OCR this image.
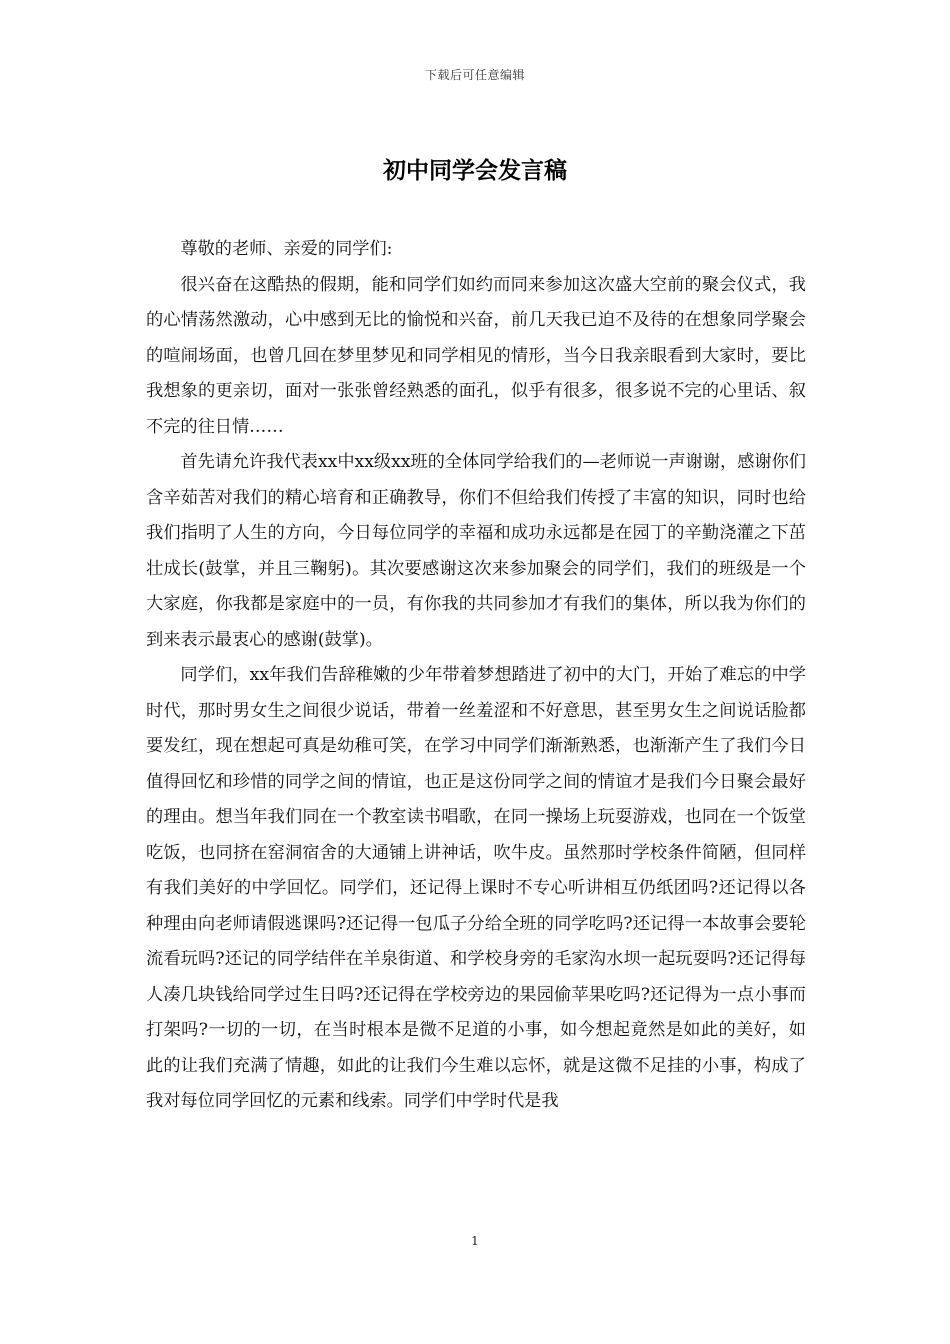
下载后可任意编辑
初中同学会发言稿

尊敬的老师、亲爱的同学们:

很兴奋在这酷热的假期，能和同学们如约而同来参加这次盛大空前的聚会仪式，我的心情荡然激动，心中感到无比的愉悦和兴奋，前几天我已迫不及待的在想象同学聚会的喧闹场面，也曾几回在梦里梦见和同学相见的情形，当今日我亲眼看到大家时，要比我想象的更亲切，面对一张张曾经熟悉的面孔，似乎有很多，很多说不完的心里话、叙不完的往日情……

首先请允许我代表xx中xx级xx班的全体同学给我们的—老师说一声谢谢，感谢你们含辛茹苦对我们的精心培育和正确教导，你们不但给我们传授了丰富的知识，同时也给我们指明了人生的方向，今日每位同学的幸福和成功永远都是在园丁的辛勤浇灌之下茁壮成长(鼓掌，并且三鞠躬)。其次要感谢这次来参加聚会的同学们，我们的班级是一个大家庭，你我都是家庭中的一员，有你我的共同参加才有我们的集体，所以我为你们的到来表示最衷心的感谢(鼓掌)。

同学们，xx年我们告辞稚嫩的少年带着梦想踏进了初中的大门，开始了难忘的中学时代，那时男女生之间很少说话，带着一丝羞涩和不好意思，甚至男女生之间说话脸都要发红，现在想起可真是幼稚可笑，在学习中同学们渐渐熟悉，也渐渐产生了我们今日值得回忆和珍惜的同学之间的情谊，也正是这份同学之间的情谊才是我们今日聚会最好的理由。想当年我们同在一个教室读书唱歌，在同一操场上玩耍游戏，也同在一个饭堂吃饭，也同挤在窑洞宿舍的大通铺上讲神话，吹牛皮。虽然那时学校条件简陋，但同样有我们美好的中学回忆。同学们，还记得上课时不专心听讲相互仍纸团吗?还记得以各种理由向老师请假逃课吗?还记得一包瓜子分给全班的同学吃吗?还记得一本故事会要轮流看玩吗?还记的同学结伴在羊泉街道、和学校身旁的毛家沟水坝一起玩耍吗?还记得每人凑几块钱给同学过生日吗?还记得在学校旁边的果园偷苹果吃吗?还记得为一点小事而打架吗?一切的一切，在当时根本是微不足道的小事，如今想起竟然是如此的美好，如此的让我们充满了情趣，如此的让我们今生难以忘怀，就是这微不足挂的小事，构成了我对每位同学回忆的元素和线索。同学们中学时代是我

1
